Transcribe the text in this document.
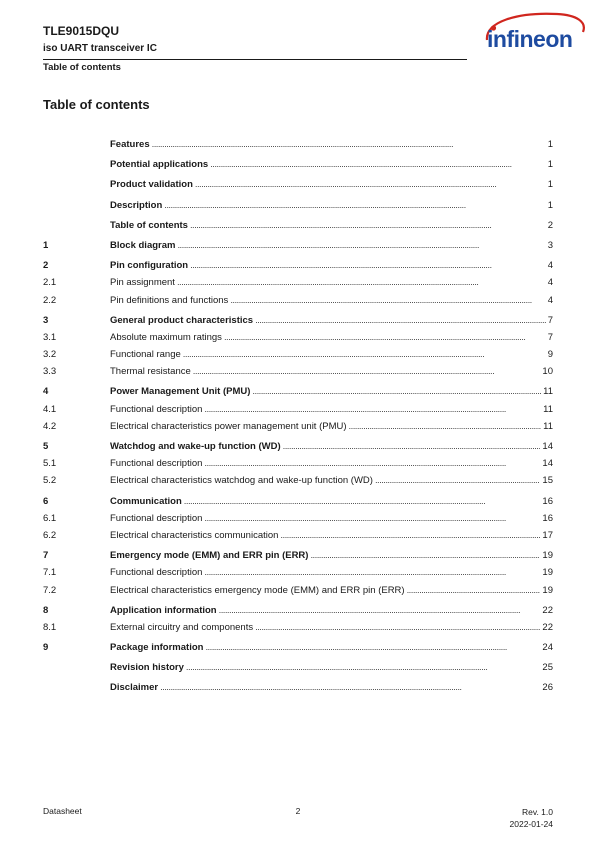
TLE9015DQU
iso UART transceiver IC
Table of contents
infineon
Table of contents
Features . . .	1
Potential applications . . .	1
Product validation . . .	1
Description . . .	1
Table of contents . . .	2
1	Block diagram . . .	3
2	Pin configuration . . .	4
2.1	Pin assignment . . .	4
2.2	Pin definitions and functions . . .	4
3	General product characteristics . . .	7
3.1	Absolute maximum ratings . . .	7
3.2	Functional range . . .	9
3.3	Thermal resistance . . .	10
4	Power Management Unit (PMU) . . .	11
4.1	Functional description . . .	11
4.2	Electrical characteristics power management unit (PMU) . . .	11
5	Watchdog and wake-up function (WD) . . .	14
5.1	Functional description . . .	14
5.2	Electrical characteristics watchdog and wake-up function (WD) . . .	15
6	Communication . . .	16
6.1	Functional description . . .	16
6.2	Electrical characteristics communication . . .	17
7	Emergency mode (EMM) and ERR pin (ERR) . . .	19
7.1	Functional description . . .	19
7.2	Electrical characteristics emergency mode (EMM) and ERR pin (ERR) . . .	19
8	Application information . . .	22
8.1	External circuitry and components . . .	22
9	Package information . . .	24
Revision history . . .	25
Disclaimer . . .	26
Datasheet	2	Rev. 1.0
2022-01-24
